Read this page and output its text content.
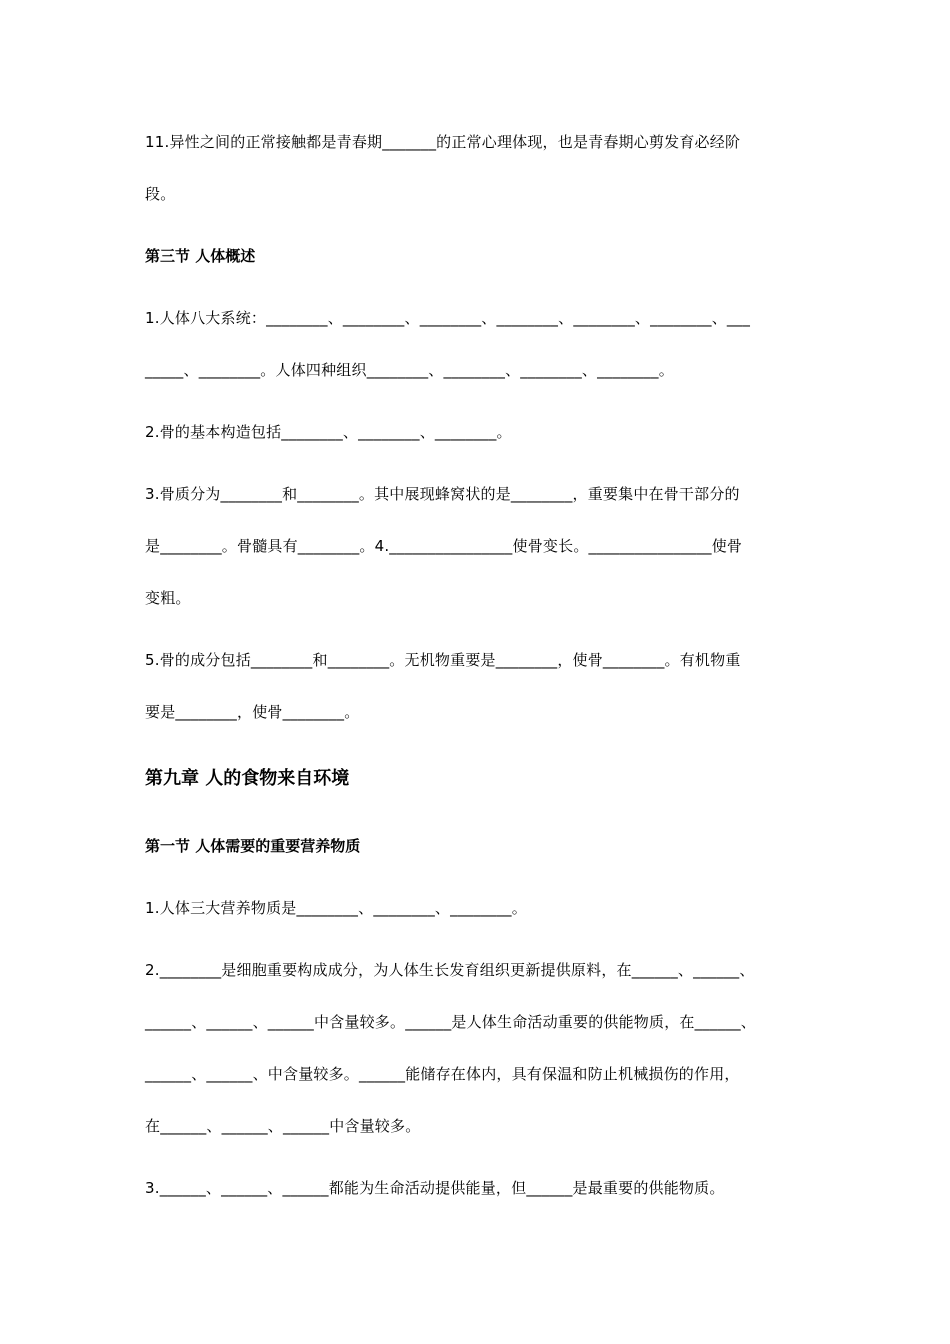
11.异性之间的正常接触都是青春期_______的正常心理体现，也是青春期心剪发育必经阶
段。
第三节 人体概述
1.人体八大系统：________、________、________、________、________、________、___
_____、________。人体四种组织________、________、________、________。
2.骨的基本构造包括________、________、________。
3.骨质分为________和________。其中展现蜂窝状的是________，重要集中在骨干部分的
是________。骨髓具有________。4.________________使骨变长。________________使骨
变粗。
5.骨的成分包括________和________。无机物重要是________，使骨________。有机物重
要是________，使骨________。
第九章 人的食物来自环境
第一节 人体需要的重要营养物质
1.人体三大营养物质是________、________、________。
2.________是细胞重要构成成分，为人体生长发育组织更新提供原料，在______、______、
______、______、______中含量较多。______是人体生命活动重要的供能物质，在______、
______、______、中含量较多。______能储存在体内，具有保温和防止机械损伤的作用，
在______、______、______中含量较多。
3.______、______、______都能为生命活动提供能量，但______是最重要的供能物质。
